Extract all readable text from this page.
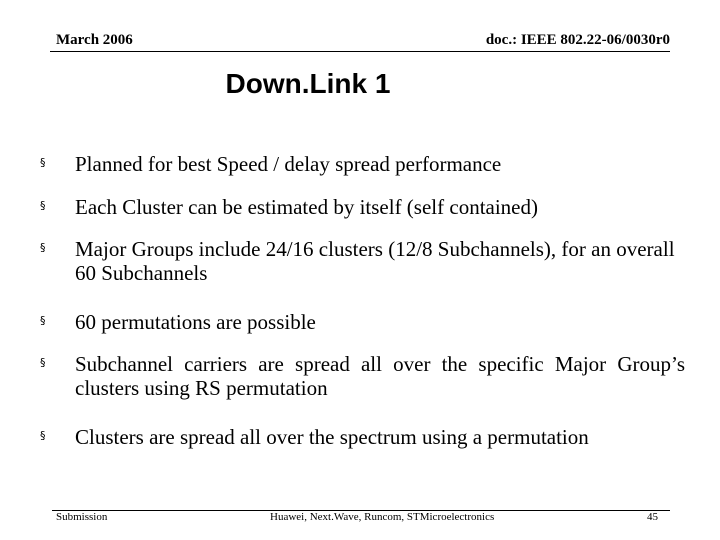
March 2006	doc.: IEEE 802.22-06/0030r0
Down.Link 1
§ Planned for best Speed / delay spread performance
§ Each Cluster can be estimated by itself (self contained)
§ Major Groups include 24/16 clusters (12/8 Subchannels), for an overall 60 Subchannels
§ 60 permutations are possible
§ Subchannel carriers are spread all over the specific Major Group’s clusters using RS permutation
§ Clusters are spread all over the spectrum using a permutation
Submission	Huawei, Next.Wave, Runcom, STMicroelectronics	45
